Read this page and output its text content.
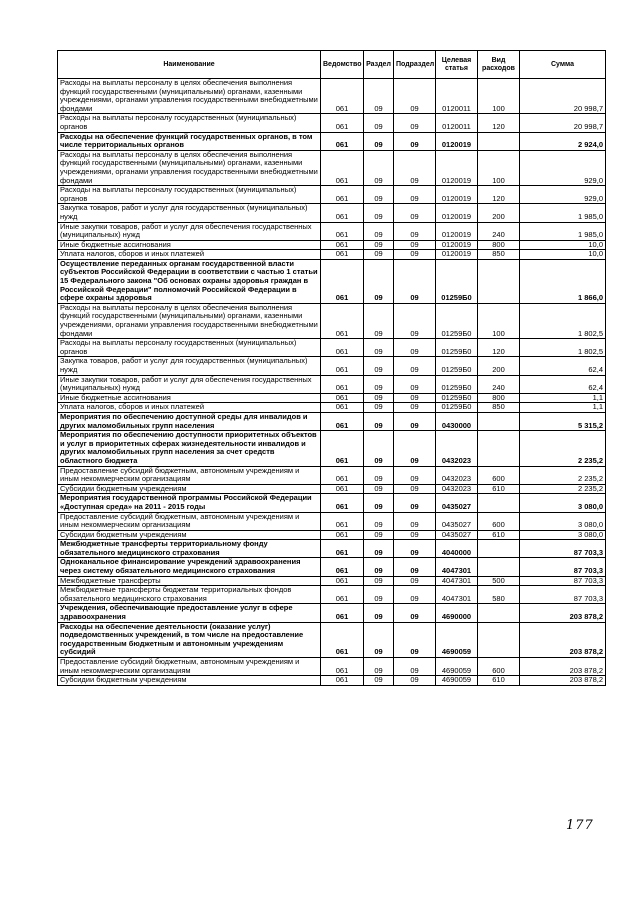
Наименование	Ведомство	Раздел	Подраздел	Целевая статья	Вид расходов	Сумма
Расходы на выплаты персоналу в целях обеспечения выполнения функций государственными (муниципальными) органами, казенными учреждениями, органами управления государственными внебюджетными фондами	061	09	09	0120011	100	20 998,7
Расходы на выплаты персоналу государственных (муниципальных) органов	061	09	09	0120011	120	20 998,7
Расходы на обеспечение функций государственных органов, в том числе территориальных органов	061	09	09	0120019		2 924,0
Расходы на выплаты персоналу в целях обеспечения выполнения функций государственными (муниципальными) органами, казенными учреждениями, органами управления государственными внебюджетными фондами	061	09	09	0120019	100	929,0
Расходы на выплаты персоналу государственных (муниципальных) органов	061	09	09	0120019	120	929,0
Закупка товаров, работ и услуг для государственных (муниципальных) нужд	061	09	09	0120019	200	1 985,0
Иные закупки товаров, работ и услуг для обеспечения государственных (муниципальных) нужд	061	09	09	0120019	240	1 985,0
Иные бюджетные ассигнования	061	09	09	0120019	800	10,0
Уплата налогов, сборов и иных платежей	061	09	09	0120019	850	10,0
Осуществление переданных органам государственной власти субъектов Российской Федерации в соответствии с частью 1 статьи 15 Федерального закона "Об основах охраны здоровья граждан в Российской Федерации" полномочий Российской Федерации в сфере охраны здоровья	061	09	09	01259Б0		1 866,0
Расходы на выплаты персоналу в целях обеспечения выполнения функций государственными (муниципальными) органами, казенными учреждениями, органами управления государственными внебюджетными фондами	061	09	09	01259Б0	100	1 802,5
Расходы на выплаты персоналу государственных (муниципальных) органов	061	09	09	01259Б0	120	1 802,5
Закупка товаров, работ и услуг для государственных (муниципальных) нужд	061	09	09	01259Б0	200	62,4
Иные закупки товаров, работ и услуг для обеспечения государственных (муниципальных) нужд	061	09	09	01259Б0	240	62,4
Иные бюджетные ассигнования	061	09	09	01259Б0	800	1,1
Уплата налогов, сборов и иных платежей	061	09	09	01259Б0	850	1,1
Мероприятия по обеспечению доступной среды для инвалидов и других маломобильных групп населения	061	09	09	0430000		5 315,2
Мероприятия по обеспечению доступности приоритетных объектов и услуг в приоритетных сферах жизнедеятельности инвалидов и других маломобильных групп населения за счет средств областного бюджета	061	09	09	0432023		2 235,2
Предоставление субсидий бюджетным, автономным учреждениям и иным некоммерческим организациям	061	09	09	0432023	600	2 235,2
Субсидии бюджетным учреждениям	061	09	09	0432023	610	2 235,2
Мероприятия государственной программы Российской Федерации «Доступная среда» на 2011 - 2015 годы	061	09	09	0435027		3 080,0
Предоставление субсидий бюджетным, автономным учреждениям и иным некоммерческим организациям	061	09	09	0435027	600	3 080,0
Субсидии бюджетным учреждениям	061	09	09	0435027	610	3 080,0
Межбюджетные трансферты территориальному фонду обязательного медицинского страхования	061	09	09	4040000		87 703,3
Одноканальное финансирование учреждений здравоохранения через систему обязательного медицинского страхования	061	09	09	4047301		87 703,3
Межбюджетные трансферты	061	09	09	4047301	500	87 703,3
Межбюджетные трансферты бюджетам территориальных фондов обязательного медицинского страхования	061	09	09	4047301	580	87 703,3
Учреждения, обеспечивающие предоставление услуг в сфере здравоохранения	061	09	09	4690000		203 878,2
Расходы на обеспечение деятельности (оказание услуг) подведомственных учреждений, в том числе на предоставление государственным бюджетным и автономным учреждениям субсидий	061	09	09	4690059		203 878,2
Предоставление субсидий бюджетным, автономным учреждениям и иным некоммерческим организациям	061	09	09	4690059	600	203 878,2
Субсидии бюджетным учреждениям	061	09	09	4690059	610	203 878,2
177
